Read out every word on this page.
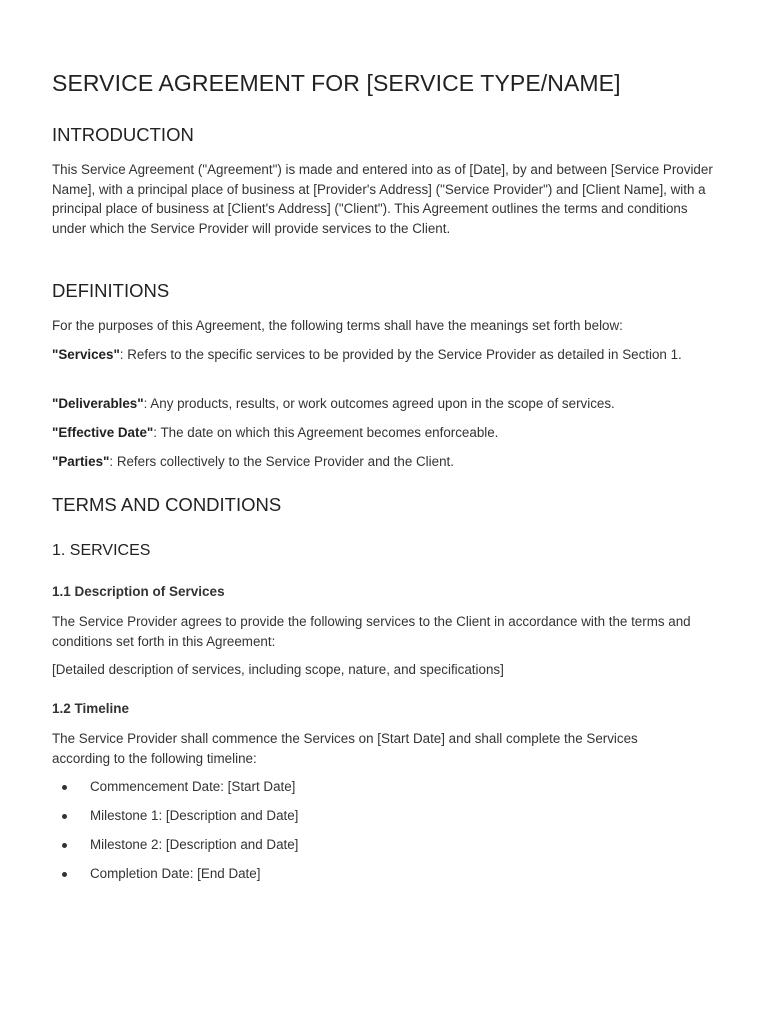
SERVICE AGREEMENT FOR [SERVICE TYPE/NAME]
INTRODUCTION

This Service Agreement ("Agreement") is made and entered into as of [Date], by and between [Service Provider Name], with a principal place of business at [Provider's Address] ("Service Provider") and [Client Name], with a principal place of business at [Client's Address] ("Client"). This Agreement outlines the terms and conditions under which the Service Provider will provide services to the Client.

DEFINITIONS

For the purposes of this Agreement, the following terms shall have the meanings set forth below:

"Services": Refers to the specific services to be provided by the Service Provider as detailed in Section 1.

"Deliverables": Any products, results, or work outcomes agreed upon in the scope of services.

"Effective Date": The date on which this Agreement becomes enforceable.

"Parties": Refers collectively to the Service Provider and the Client.

TERMS AND CONDITIONS
1. SERVICES
1.1 Description of Services

The Service Provider agrees to provide the following services to the Client in accordance with the terms and conditions set forth in this Agreement:

[Detailed description of services, including scope, nature, and specifications]

1.2 Timeline

The Service Provider shall commence the Services on [Start Date] and shall complete the Services according to the following timeline:

Commencement Date: [Start Date]
Milestone 1: [Description and Date]
Milestone 2: [Description and Date]
Completion Date: [End Date]
